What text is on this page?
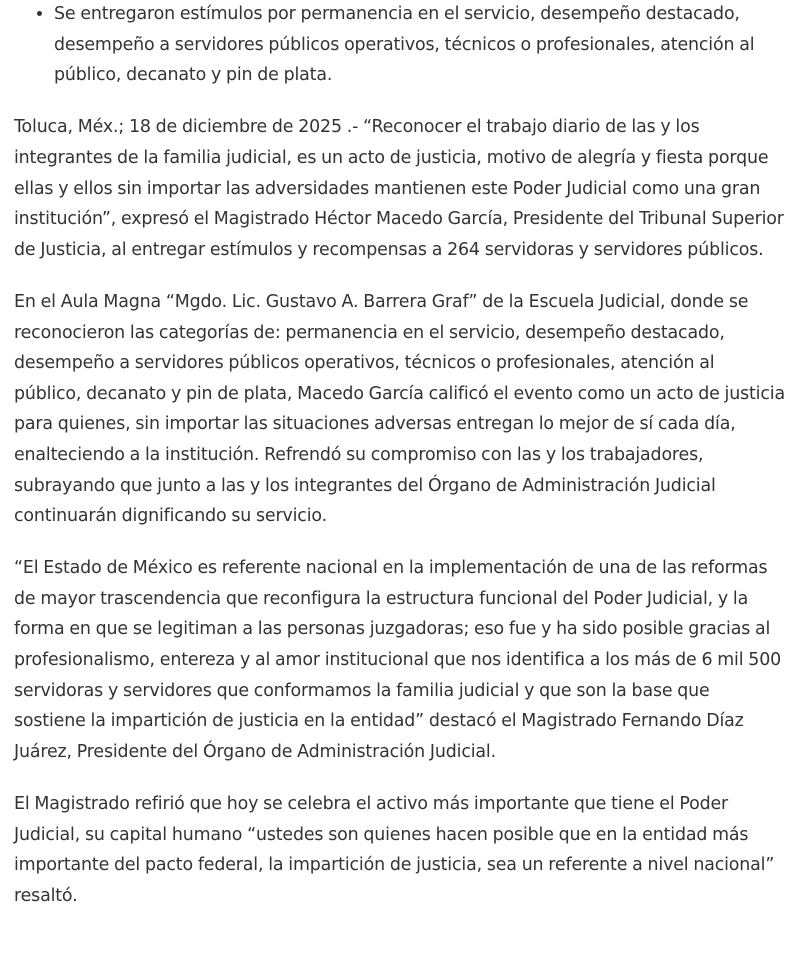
• Se entregaron estímulos por permanencia en el servicio, desempeño destacado, desempeño a servidores públicos operativos, técnicos o profesionales, atención al público, decanato y pin de plata.

Toluca, Méx.; 18 de diciembre de 2025 .- “Reconocer el trabajo diario de las y los integrantes de la familia judicial, es un acto de justicia, motivo de alegría y fiesta porque ellas y ellos sin importar las adversidades mantienen este Poder Judicial como una gran institución”, expresó el Magistrado Héctor Macedo García, Presidente del Tribunal Superior de Justicia, al entregar estímulos y recompensas a 264 servidoras y servidores públicos.

En el Aula Magna “Mgdo. Lic. Gustavo A. Barrera Graf” de la Escuela Judicial, donde se reconocieron las categorías de: permanencia en el servicio, desempeño destacado, desempeño a servidores públicos operativos, técnicos o profesionales, atención al público, decanato y pin de plata, Macedo García calificó el evento como un acto de justicia para quienes, sin importar las situaciones adversas entregan lo mejor de sí cada día, enalteciendo a la institución. Refrendó su compromiso con las y los trabajadores, subrayando que junto a las y los integrantes del Órgano de Administración Judicial continuarán dignificando su servicio.

“El Estado de México es referente nacional en la implementación de una de las reformas de mayor trascendencia que reconfigura la estructura funcional del Poder Judicial, y la forma en que se legitiman a las personas juzgadoras; eso fue y ha sido posible gracias al profesionalismo, entereza y al amor institucional que nos identifica a los más de 6 mil 500 servidoras y servidores que conformamos la familia judicial y que son la base que sostiene la impartición de justicia en la entidad” destacó el Magistrado Fernando Díaz Juárez, Presidente del Órgano de Administración Judicial.

El Magistrado refirió que hoy se celebra el activo más importante que tiene el Poder Judicial, su capital humano “ustedes son quienes hacen posible que en la entidad más importante del pacto federal, la impartición de justicia, sea un referente a nivel nacional” resaltó.
